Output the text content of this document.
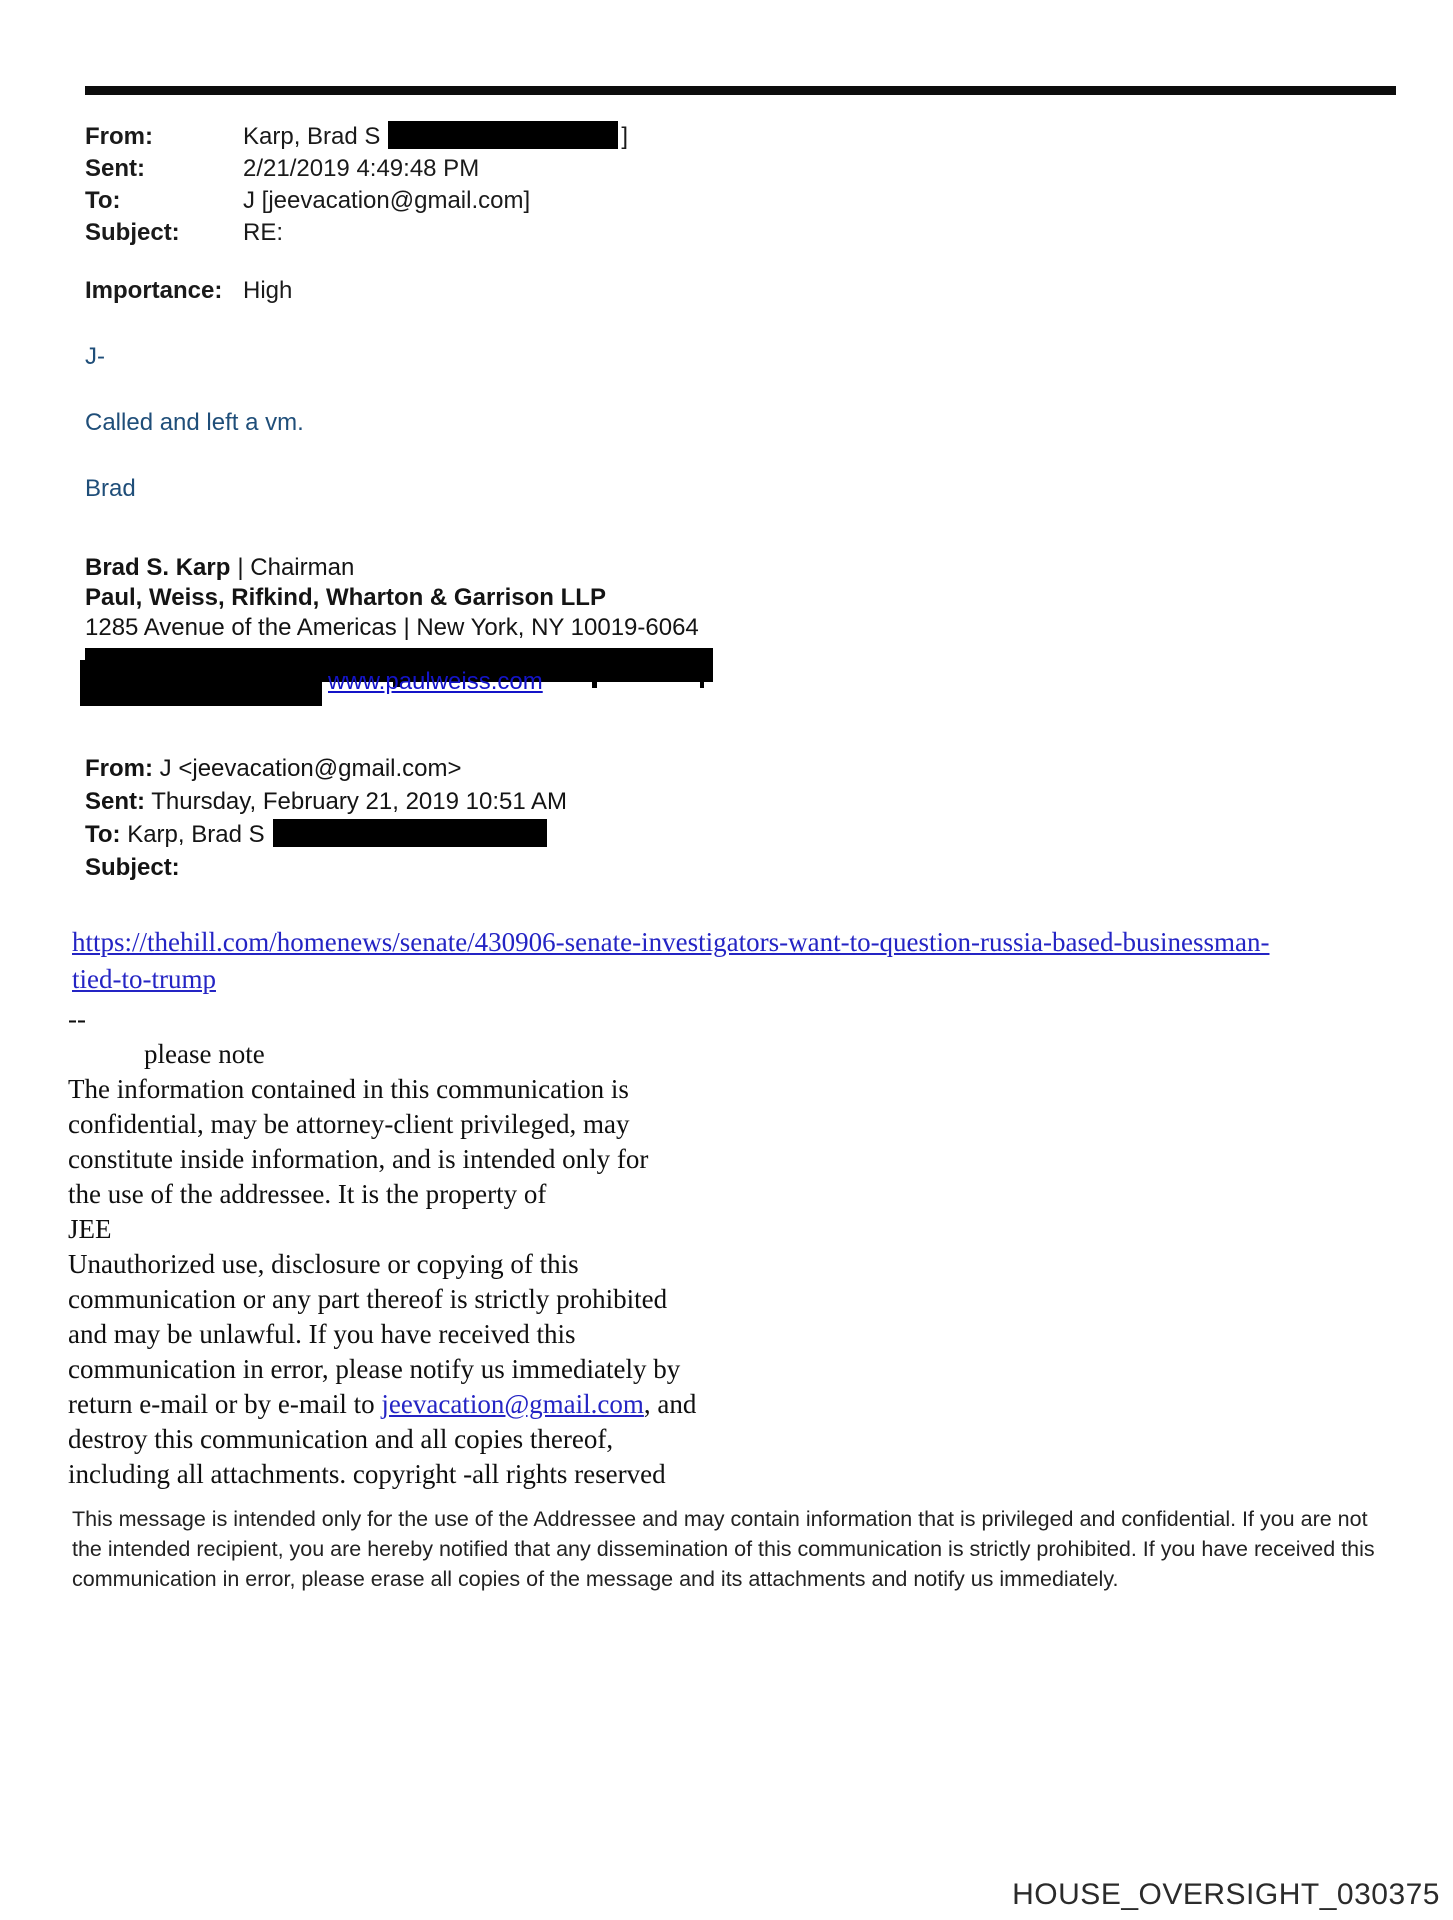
From:	Karp, Brad S	]
Sent:	2/21/2019 4:49:48 PM
To:	J [jeevacation@gmail.com]
Subject:	RE:
Importance: High
J-
Called and left a vm.
Brad
Brad S. Karp | Chairman
Paul, Weiss, Rifkind, Wharton & Garrison LLP
1285 Avenue of the Americas | New York, NY 10019-6064
www.paulweiss.com
From: J <jeevacation@gmail.com>
Sent: Thursday, February 21, 2019 10:51 AM
To: Karp, Brad S
Subject:
https://thehill.com/homenews/senate/430906-senate-investigators-want-to-question-russia-based-businessman-
tied-to-trump
--
please note
The information contained in this communication is
confidential, may be attorney-client privileged, may
constitute inside information, and is intended only for
the use of the addressee. It is the property of
JEE
Unauthorized use, disclosure or copying of this
communication or any part thereof is strictly prohibited
and may be unlawful. If you have received this
communication in error, please notify us immediately by
return e-mail or by e-mail to jeevacation@gmail.com, and
destroy this communication and all copies thereof,
including all attachments. copyright -all rights reserved
This message is intended only for the use of the Addressee and may contain information that is privileged and confidential. If you are not the intended recipient, you are hereby notified that any dissemination of this communication is strictly prohibited. If you have received this communication in error, please erase all copies of the message and its attachments and notify us immediately.
HOUSE_OVERSIGHT_030375
